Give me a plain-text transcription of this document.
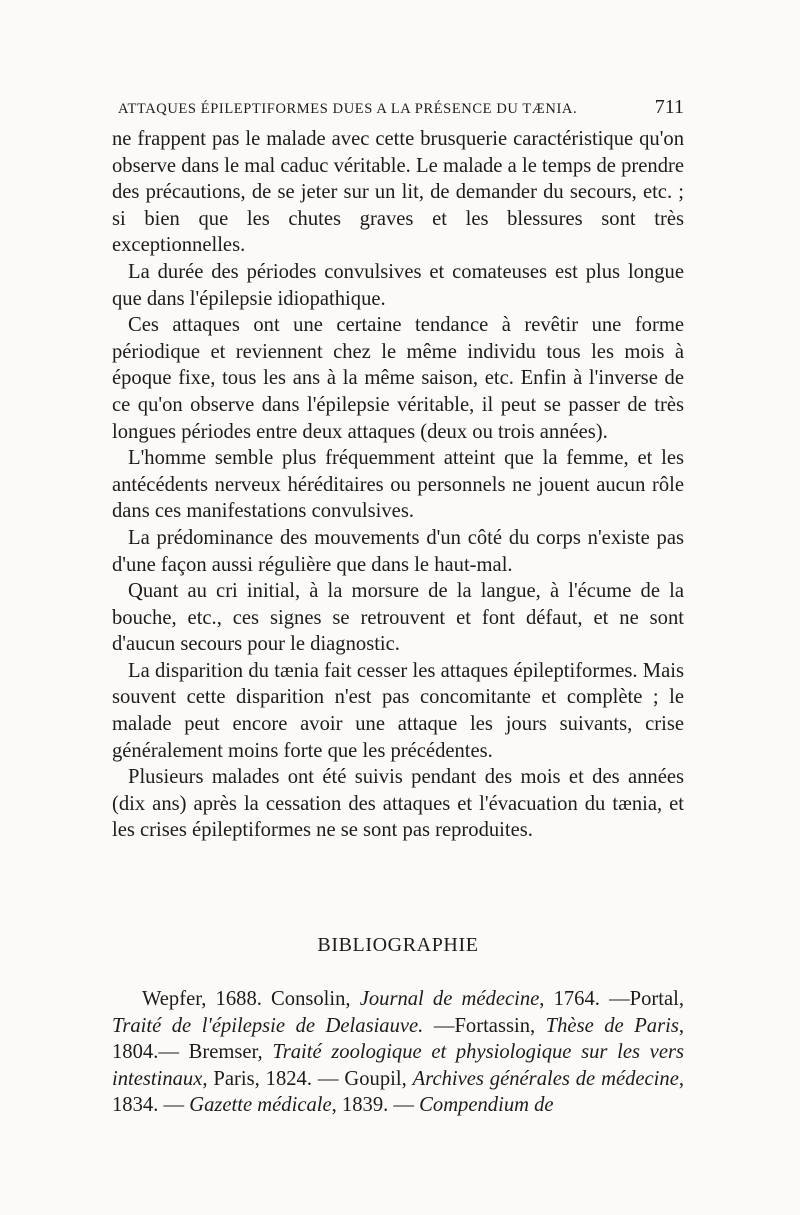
ATTAQUES ÉPILEPTIFORMES DUES A LA PRÉSENCE DU TÆNIA.	711

ne frappent pas le malade avec cette brusquerie caractéristique qu'on observe dans le mal caduc véritable. Le malade a le temps de prendre des précautions, de se jeter sur un lit, de demander du secours, etc. ; si bien que les chutes graves et les blessures sont très exceptionnelles.

La durée des périodes convulsives et comateuses est plus longue que dans l'épilepsie idiopathique.

Ces attaques ont une certaine tendance à revêtir une forme périodique et reviennent chez le même individu tous les mois à époque fixe, tous les ans à la même saison, etc. Enfin à l'inverse de ce qu'on observe dans l'épilepsie véritable, il peut se passer de très longues périodes entre deux attaques (deux ou trois années).

L'homme semble plus fréquemment atteint que la femme, et les antécédents nerveux héréditaires ou personnels ne jouent aucun rôle dans ces manifestations convulsives.

La prédominance des mouvements d'un côté du corps n'existe pas d'une façon aussi régulière que dans le haut-mal.

Quant au cri initial, à la morsure de la langue, à l'écume de la bouche, etc., ces signes se retrouvent et font défaut, et ne sont d'aucun secours pour le diagnostic.

La disparition du tænia fait cesser les attaques épileptiformes. Mais souvent cette disparition n'est pas concomitante et complète ; le malade peut encore avoir une attaque les jours suivants, crise généralement moins forte que les précédentes.

Plusieurs malades ont été suivis pendant des mois et des années (dix ans) après la cessation des attaques et l'évacuation du tænia, et les crises épileptiformes ne se sont pas reproduites.

BIBLIOGRAPHIE
Wepfer, 1688. Consolin, Journal de médecine, 1764. —Portal, Traité de l'épilepsie de Delasiauve. —Fortassin, Thèse de Paris, 1804.— Bremser, Traité zoologique et physiologique sur les vers intestinaux, Paris, 1824. — Goupil, Archives générales de médecine, 1834. — Gazette médicale, 1839. — Compendium de
